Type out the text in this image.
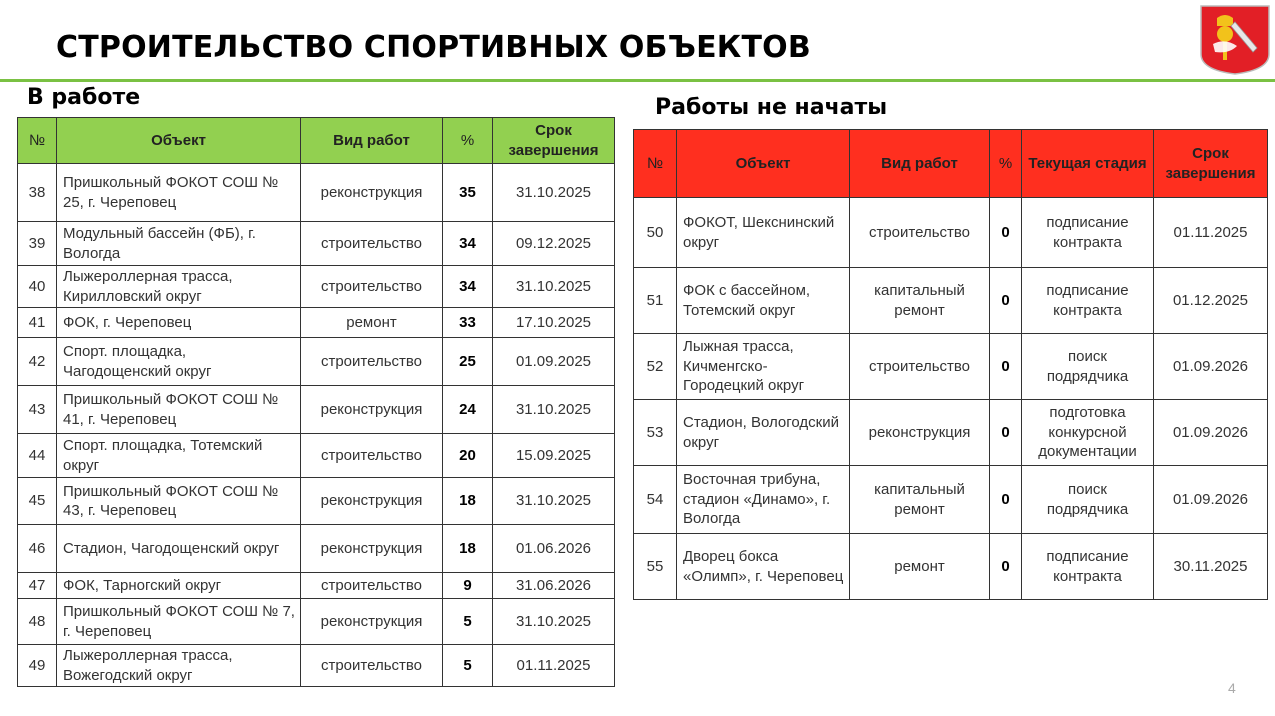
СТРОИТЕЛЬСТВО СПОРТИВНЫХ ОБЪЕКТОВ
В работе
№	Объект	Вид работ	%	Срок завершения
38	Пришкольный ФОКОТ СОШ № 25, г. Череповец	реконструкция	35	31.10.2025
39	Модульный бассейн (ФБ), г. Вологда	строительство	34	09.12.2025
40	Лыжероллерная трасса, Кирилловский округ	строительство	34	31.10.2025
41	ФОК, г. Череповец	ремонт	33	17.10.2025
42	Спорт. площадка, Чагодощенский округ	строительство	25	01.09.2025
43	Пришкольный ФОКОТ СОШ № 41, г. Череповец	реконструкция	24	31.10.2025
44	Спорт. площадка, Тотемский округ	строительство	20	15.09.2025
45	Пришкольный ФОКОТ СОШ № 43, г. Череповец	реконструкция	18	31.10.2025
46	Стадион, Чагодощенский округ	реконструкция	18	01.06.2026
47	ФОК, Тарногский округ	строительство	9	31.06.2026
48	Пришкольный ФОКОТ СОШ № 7, г. Череповец	реконструкция	5	31.10.2025
49	Лыжероллерная трасса, Вожегодский округ	строительство	5	01.11.2025
Работы не начаты
№	Объект	Вид работ	%	Текущая стадия	Срок завершения
50	ФОКОТ, Шекснинский округ	строительство	0	подписание контракта	01.11.2025
51	ФОК с бассейном, Тотемский округ	капитальный ремонт	0	подписание контракта	01.12.2025
52	Лыжная трасса, Кичменгско-Городецкий округ	строительство	0	поиск подрядчика	01.09.2026
53	Стадион, Вологодский округ	реконструкция	0	подготовка конкурсной документации	01.09.2026
54	Восточная трибуна, стадион «Динамо», г. Вологда	капитальный ремонт	0	поиск подрядчика	01.09.2026
55	Дворец бокса «Олимп», г. Череповец	ремонт	0	подписание контракта	30.11.2025
4
